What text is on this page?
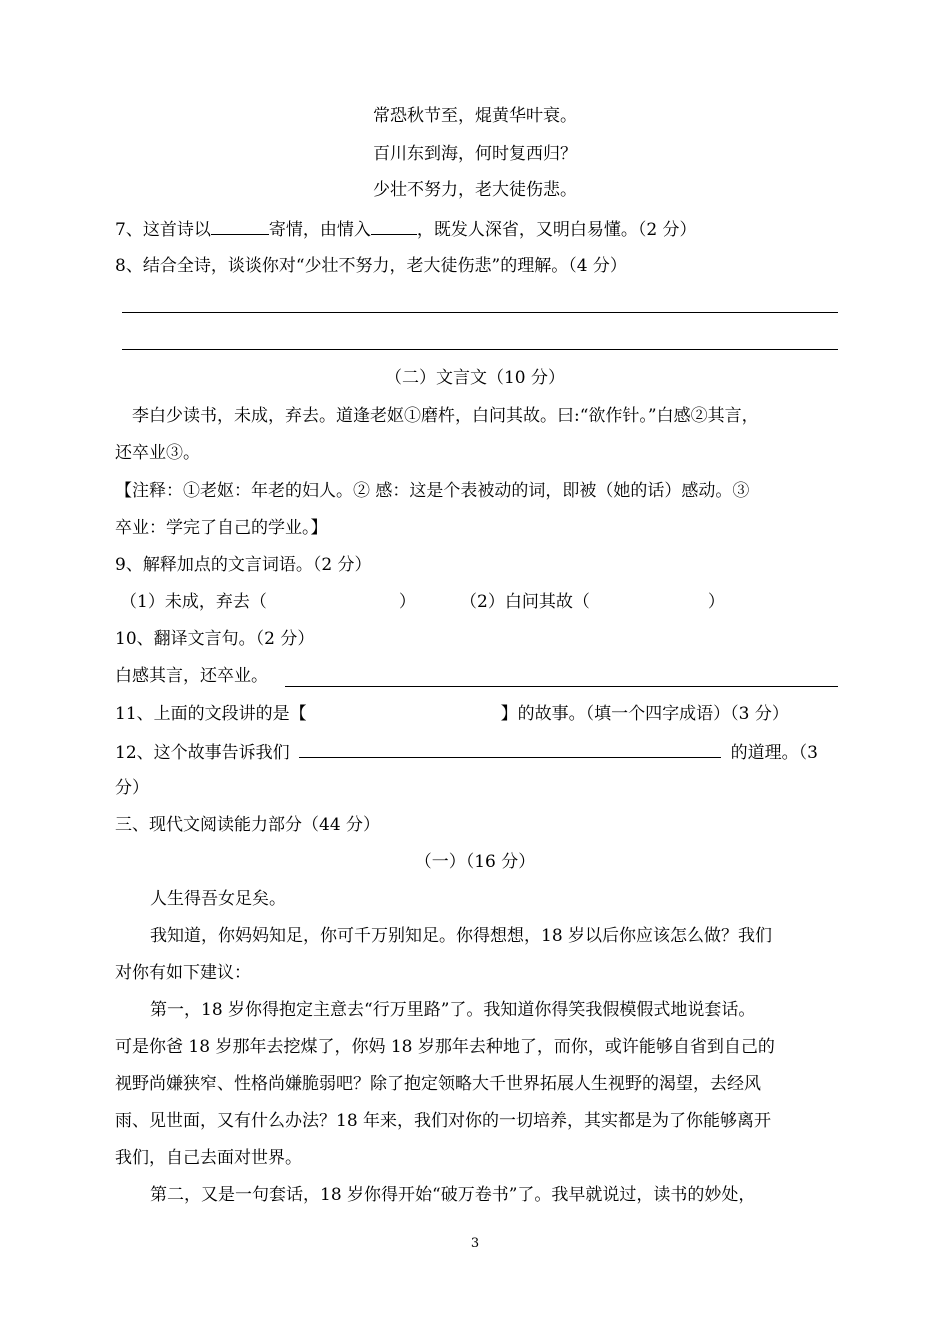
常恐秋节至，焜黄华叶衰。
百川东到海，何时复西归？
少壮不努力，老大徒伤悲。
7、这首诗以	寄情，由情入	，既发人深省，又明白易懂。（2 分）
8、结合全诗，谈谈你对“少壮不努力，老大徒伤悲”的理解。（4 分）
（二）文言文（10 分）
李白少读书，未成，弃去。道逢老妪①磨杵，白问其故。曰:“欲作针。”白感②其言，
还卒业③。
【注释：①老妪：年老的妇人。② 感：这是个表被动的词，即被（她的话）感动。③
卒业：学完了自己的学业。】
9、解释加点的文言词语。（2 分）
（1）未成，弃去（	）	（2）白问其故（	）
10、翻译文言句。（2 分）
白感其言，还卒业。
11、上面的文段讲的是【	】的故事。（填一个四字成语）（3 分）
12、这个故事告诉我们	的道理。（3
分）
三、现代文阅读能力部分（44 分）
（一）（16 分）
人生得吾女足矣。
我知道，你妈妈知足，你可千万别知足。你得想想，18 岁以后你应该怎么做？我们
对你有如下建议：
第一，18 岁你得抱定主意去“行万里路”了。我知道你得笑我假模假式地说套话。
可是你爸 18 岁那年去挖煤了，你妈 18 岁那年去种地了，而你，或许能够自省到自己的
视野尚嫌狭窄、性格尚嫌脆弱吧？除了抱定领略大千世界拓展人生视野的渴望，去经风
雨、见世面，又有什么办法？18 年来，我们对你的一切培养，其实都是为了你能够离开
我们，自己去面对世界。
第二，又是一句套话，18 岁你得开始“破万卷书”了。我早就说过，读书的妙处，
3
